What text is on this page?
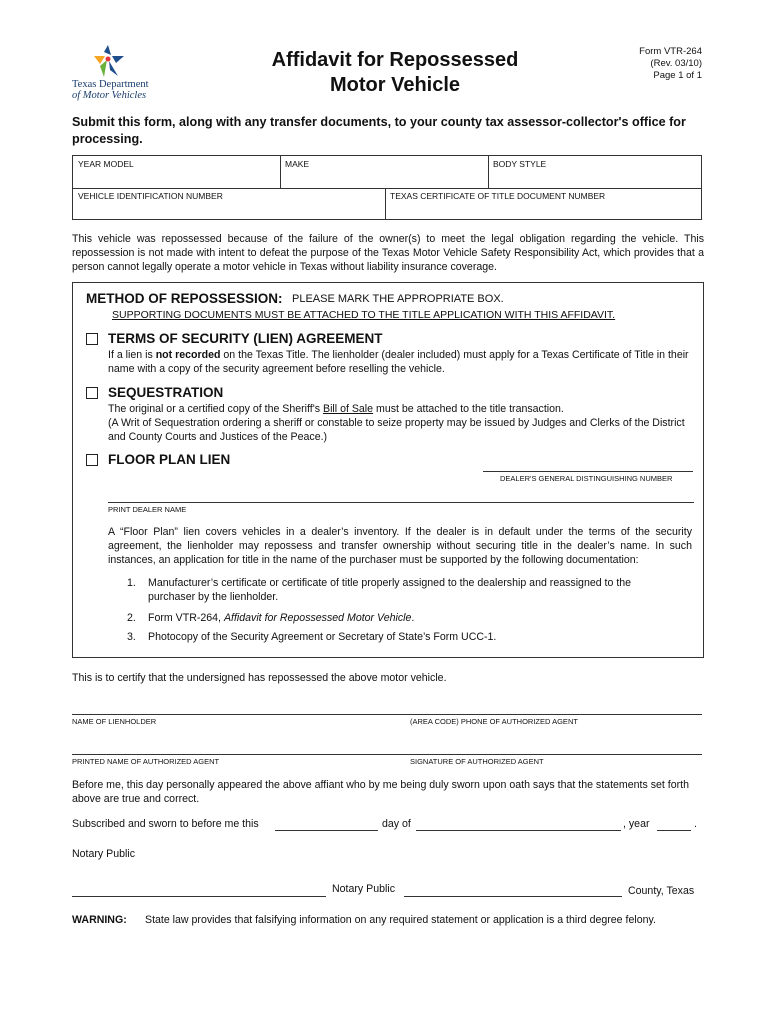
Texas Department
of Motor Vehicles
Affidavit for Repossessed
Motor Vehicle
Form VTR-264
(Rev. 03/10)
Page 1 of 1
Submit this form, along with any transfer documents, to your county tax assessor-collector's office for processing.
YEAR MODEL	MAKE	BODY STYLE
VEHICLE IDENTIFICATION NUMBER	TEXAS CERTIFICATE OF TITLE DOCUMENT NUMBER
This vehicle was repossessed because of the failure of the owner(s) to meet the legal obligation regarding the vehicle. This repossession is not made with intent to defeat the purpose of the Texas Motor Vehicle Safety Responsibility Act, which provides that a person cannot legally operate a motor vehicle in Texas without liability insurance coverage.
METHOD OF REPOSSESSION: PLEASE MARK THE APPROPRIATE BOX.
SUPPORTING DOCUMENTS MUST BE ATTACHED TO THE TITLE APPLICATION WITH THIS AFFIDAVIT.
TERMS OF SECURITY (LIEN) AGREEMENT
If a lien is not recorded on the Texas Title. The lienholder (dealer included) must apply for a Texas Certificate of Title in their name with a copy of the security agreement before reselling the vehicle.
SEQUESTRATION
The original or a certified copy of the Sheriff's Bill of Sale must be attached to the title transaction.
(A Writ of Sequestration ordering a sheriff or constable to seize property may be issued by Judges and Clerks of the District and County Courts and Justices of the Peace.)
FLOOR PLAN LIEN
DEALER'S GENERAL DISTINGUISHING NUMBER
PRINT DEALER NAME
A “Floor Plan” lien covers vehicles in a dealer’s inventory. If the dealer is in default under the terms of the security agreement, the lienholder may repossess and transfer ownership without securing title in the dealer’s name. In such instances, an application for title in the name of the purchaser must be supported by the following documentation:
1. Manufacturer’s certificate or certificate of title properly assigned to the dealership and reassigned to the purchaser by the lienholder.
2. Form VTR-264, Affidavit for Repossessed Motor Vehicle.
3. Photocopy of the Security Agreement or Secretary of State’s Form UCC-1.
This is to certify that the undersigned has repossessed the above motor vehicle.
NAME OF LIENHOLDER	(AREA CODE) PHONE OF AUTHORIZED AGENT
PRINTED NAME OF AUTHORIZED AGENT	SIGNATURE OF AUTHORIZED AGENT
Before me, this day personally appeared the above affiant who by me being duly sworn upon oath says that the statements set forth above are true and correct.
Subscribed and sworn to before me this	day of	, year	.
Notary Public
Notary Public	County, Texas
WARNING: State law provides that falsifying information on any required statement or application is a third degree felony.
